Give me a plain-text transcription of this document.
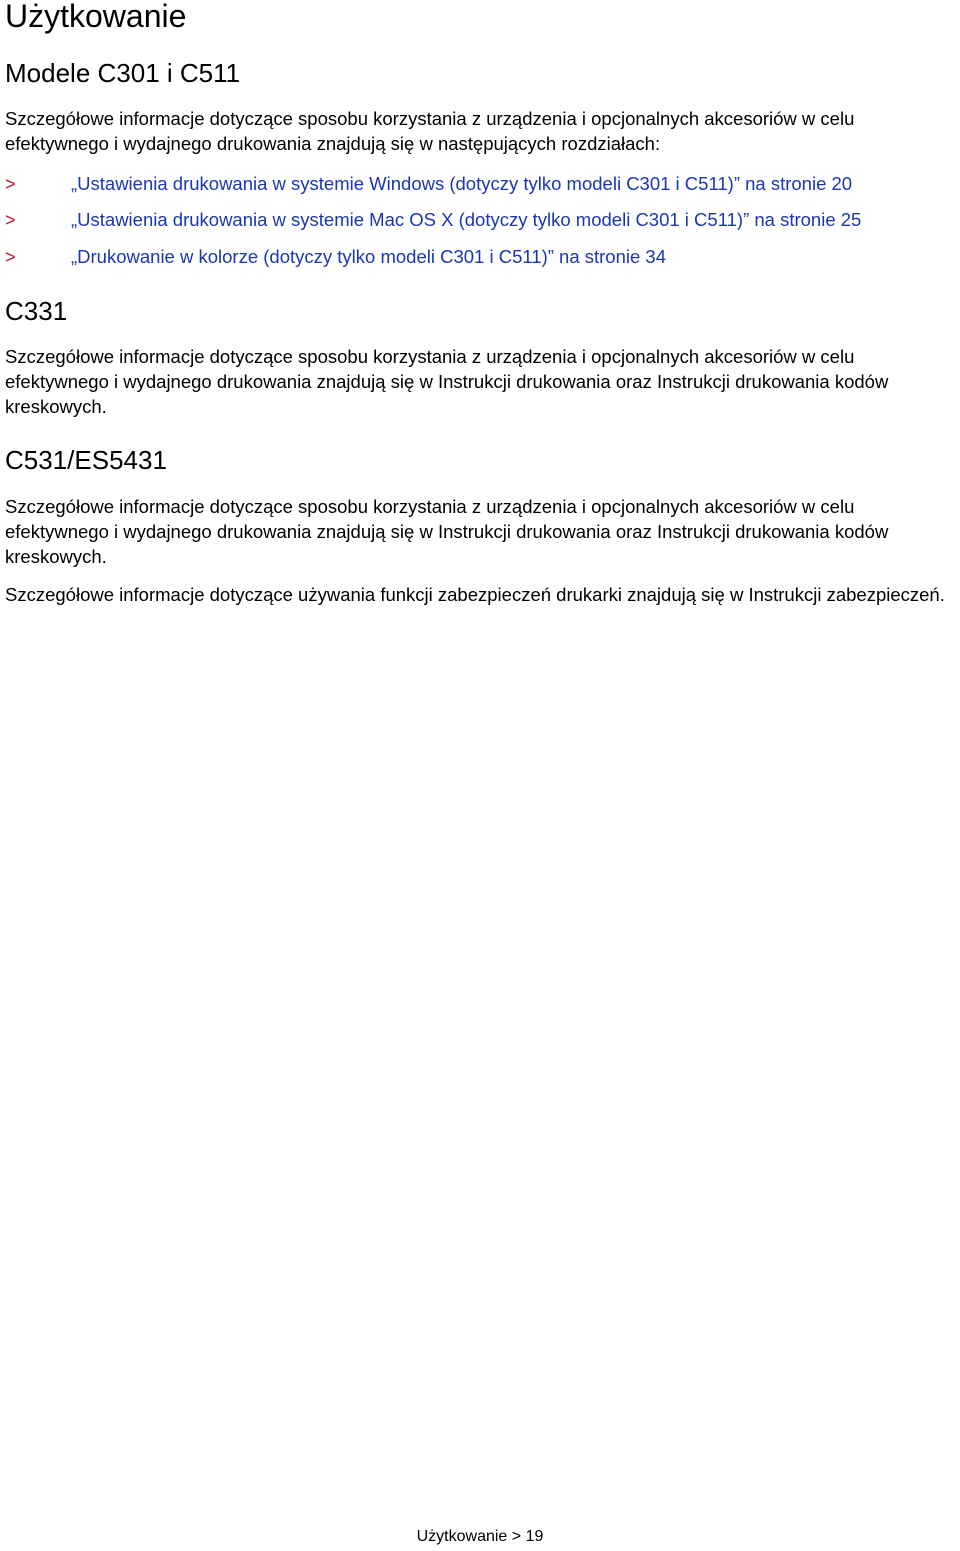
Użytkowanie
Modele C301 i C511

Szczegółowe informacje dotyczące sposobu korzystania z urządzenia i opcjonalnych akcesoriów w celu efektywnego i wydajnego drukowania znajdują się w następujących rozdziałach:

>	„Ustawienia drukowania w systemie Windows (dotyczy tylko modeli C301 i C511)” na stronie 20
>	„Ustawienia drukowania w systemie Mac OS X (dotyczy tylko modeli C301 i C511)” na stronie 25
>	„Drukowanie w kolorze (dotyczy tylko modeli C301 i C511)” na stronie 34
C331

Szczegółowe informacje dotyczące sposobu korzystania z urządzenia i opcjonalnych akcesoriów w celu efektywnego i wydajnego drukowania znajdują się w Instrukcji drukowania oraz Instrukcji drukowania kodów kreskowych.

C531/ES5431

Szczegółowe informacje dotyczące sposobu korzystania z urządzenia i opcjonalnych akcesoriów w celu efektywnego i wydajnego drukowania znajdują się w Instrukcji drukowania oraz Instrukcji drukowania kodów kreskowych.

Szczegółowe informacje dotyczące używania funkcji zabezpieczeń drukarki znajdują się w Instrukcji zabezpieczeń.

Użytkowanie > 19
